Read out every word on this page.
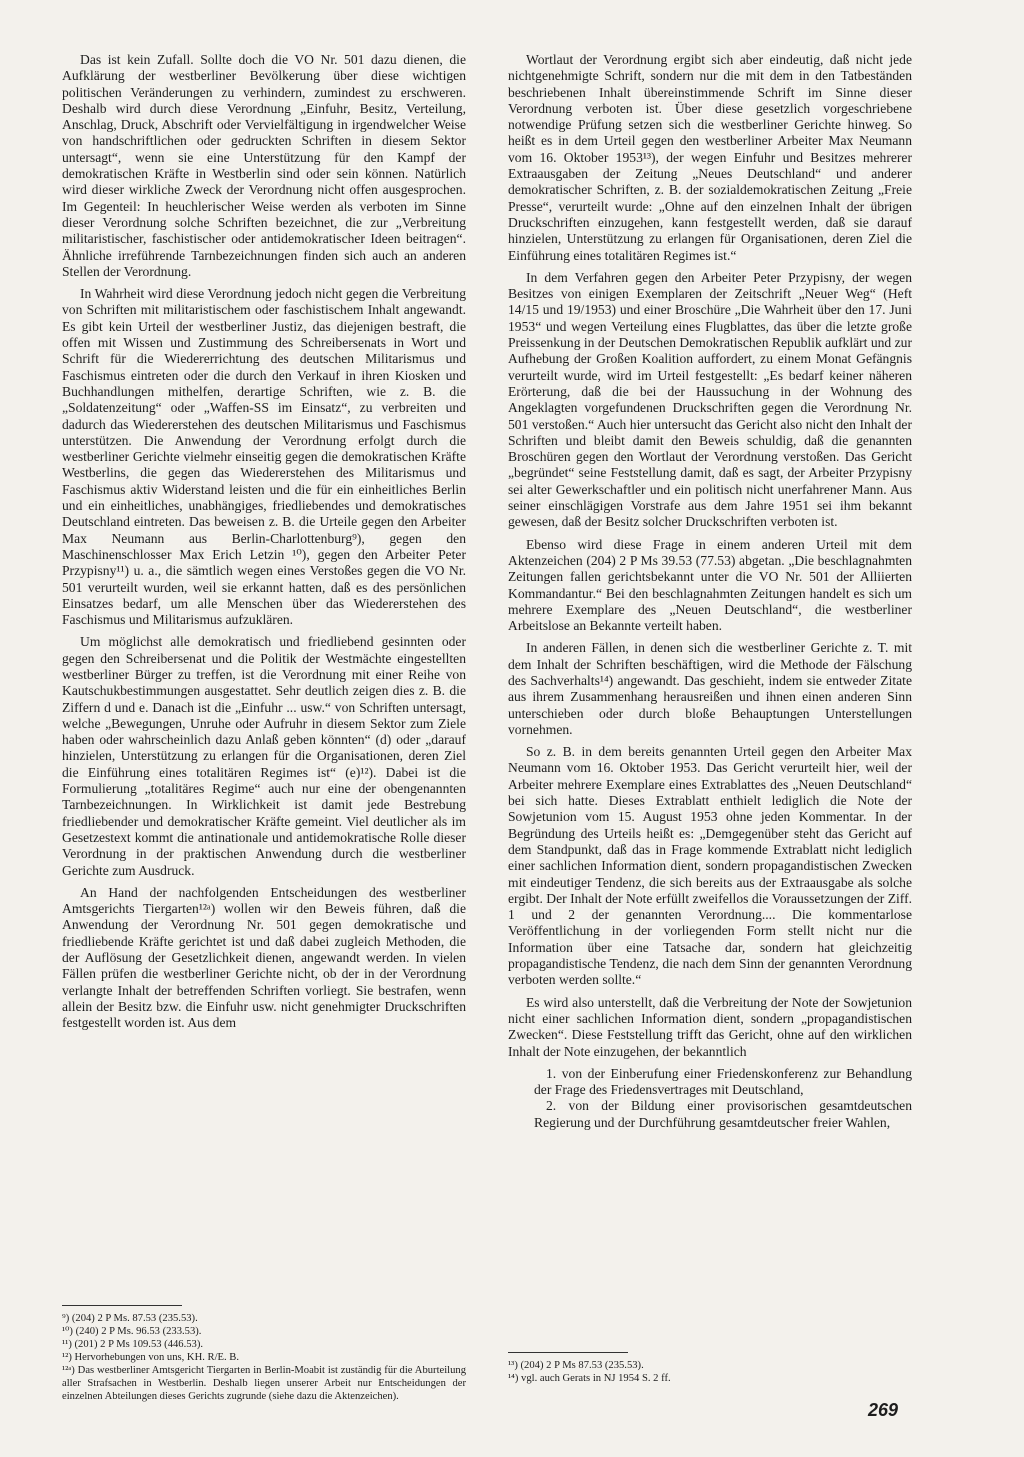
Das ist kein Zufall. Sollte doch die VO Nr. 501 dazu dienen, die Aufklärung der westberliner Bevölkerung über diese wichtigen politischen Veränderungen zu verhindern, zumindest zu erschweren. Deshalb wird durch diese Verordnung „Einfuhr, Besitz, Verteilung, Anschlag, Druck, Abschrift oder Vervielfältigung in irgendwelcher Weise von handschriftlichen oder gedruckten Schriften in diesem Sektor untersagt“, wenn sie eine Unterstützung für den Kampf der demokratischen Kräfte in Westberlin sind oder sein können. Natürlich wird dieser wirkliche Zweck der Verordnung nicht offen ausgesprochen. Im Gegenteil: In heuchlerischer Weise werden als verboten im Sinne dieser Verordnung solche Schriften bezeichnet, die zur „Verbreitung militaristischer, faschistischer oder antidemokratischer Ideen beitragen“. Ähnliche irreführende Tarnbezeichnungen finden sich auch an anderen Stellen der Verordnung.

In Wahrheit wird diese Verordnung jedoch nicht gegen die Verbreitung von Schriften mit militaristischem oder faschistischem Inhalt angewandt. Es gibt kein Urteil der westberliner Justiz, das diejenigen bestraft, die offen mit Wissen und Zustimmung des Schreibersenats in Wort und Schrift für die Wiedererrichtung des deutschen Militarismus und Faschismus eintreten oder die durch den Verkauf in ihren Kiosken und Buchhandlungen mithelfen, derartige Schriften, wie z. B. die „Soldatenzeitung“ oder „Waffen-SS im Einsatz“, zu verbreiten und dadurch das Wiedererstehen des deutschen Militarismus und Faschismus unterstützen. Die Anwendung der Verordnung erfolgt durch die westberliner Gerichte vielmehr einseitig gegen die demokratischen Kräfte Westberlins, die gegen das Wiedererstehen des Militarismus und Faschismus aktiv Widerstand leisten und die für ein einheitliches Berlin und ein einheitliches, unabhängiges, friedliebendes und demokratisches Deutschland eintreten. Das beweisen z. B. die Urteile gegen den Arbeiter Max Neumann aus Berlin-Charlottenburg⁹), gegen den Maschinenschlosser Max Erich Letzin ¹⁰), gegen den Arbeiter Peter Przypisny¹¹) u. a., die sämtlich wegen eines Verstoßes gegen die VO Nr. 501 verurteilt wurden, weil sie erkannt hatten, daß es des persönlichen Einsatzes bedarf, um alle Menschen über das Wiedererstehen des Faschismus und Militarismus aufzuklären.

Um möglichst alle demokratisch und friedliebend gesinnten oder gegen den Schreibersenat und die Politik der Westmächte eingestellten westberliner Bürger zu treffen, ist die Verordnung mit einer Reihe von Kautschukbestimmungen ausgestattet. Sehr deutlich zeigen dies z. B. die Ziffern d und e. Danach ist die „Einfuhr ... usw.“ von Schriften untersagt, welche „Bewegungen, Unruhe oder Aufruhr in diesem Sektor zum Ziele haben oder wahrscheinlich dazu Anlaß geben könnten“ (d) oder „darauf hinzielen, Unterstützung zu erlangen für die Organisationen, deren Ziel die Einführung eines totalitären Regimes ist“ (e)¹²). Dabei ist die Formulierung „totalitäres Regime“ auch nur eine der obengenannten Tarnbezeichnungen. In Wirklichkeit ist damit jede Bestrebung friedliebender und demokratischer Kräfte gemeint. Viel deutlicher als im Gesetzestext kommt die antinationale und antidemokratische Rolle dieser Verordnung in der praktischen Anwendung durch die westberliner Gerichte zum Ausdruck.

An Hand der nachfolgenden Entscheidungen des westberliner Amtsgerichts Tiergarten¹²ᵃ) wollen wir den Beweis führen, daß die Anwendung der Verordnung Nr. 501 gegen demokratische und friedliebende Kräfte gerichtet ist und daß dabei zugleich Methoden, die der Auflösung der Gesetzlichkeit dienen, angewandt werden. In vielen Fällen prüfen die westberliner Gerichte nicht, ob der in der Verordnung verlangte Inhalt der betreffenden Schriften vorliegt. Sie bestrafen, wenn allein der Besitz bzw. die Einfuhr usw. nicht genehmigter Druckschriften festgestellt worden ist. Aus dem

⁹) (204) 2 P Ms. 87.53 (235.53).

¹⁰) (240) 2 P Ms. 96.53 (233.53).

¹¹) (201) 2 P Ms 109.53 (446.53).

¹²) Hervorhebungen von uns, KH. R/E. B.

¹²ᵃ) Das westberliner Amtsgericht Tiergarten in Berlin-Moabit ist zuständig für die Aburteilung aller Strafsachen in Westberlin. Deshalb liegen unserer Arbeit nur Entscheidungen der einzelnen Abteilungen dieses Gerichts zugrunde (siehe dazu die Aktenzeichen).

Wortlaut der Verordnung ergibt sich aber eindeutig, daß nicht jede nichtgenehmigte Schrift, sondern nur die mit dem in den Tatbeständen beschriebenen Inhalt übereinstimmende Schrift im Sinne dieser Verordnung verboten ist. Über diese gesetzlich vorgeschriebene notwendige Prüfung setzen sich die westberliner Gerichte hinweg. So heißt es in dem Urteil gegen den westberliner Arbeiter Max Neumann vom 16. Oktober 1953¹³), der wegen Einfuhr und Besitzes mehrerer Extraausgaben der Zeitung „Neues Deutschland“ und anderer demokratischer Schriften, z. B. der sozialdemokratischen Zeitung „Freie Presse“, verurteilt wurde: „Ohne auf den einzelnen Inhalt der übrigen Druckschriften einzugehen, kann festgestellt werden, daß sie darauf hinzielen, Unterstützung zu erlangen für Organisationen, deren Ziel die Einführung eines totalitären Regimes ist.“

In dem Verfahren gegen den Arbeiter Peter Przypisny, der wegen Besitzes von einigen Exemplaren der Zeitschrift „Neuer Weg“ (Heft 14/15 und 19/1953) und einer Broschüre „Die Wahrheit über den 17. Juni 1953“ und wegen Verteilung eines Flugblattes, das über die letzte große Preissenkung in der Deutschen Demokratischen Republik aufklärt und zur Aufhebung der Großen Koalition auffordert, zu einem Monat Gefängnis verurteilt wurde, wird im Urteil festgestellt: „Es bedarf keiner näheren Erörterung, daß die bei der Haussuchung in der Wohnung des Angeklagten vorgefundenen Druckschriften gegen die Verordnung Nr. 501 verstoßen.“ Auch hier untersucht das Gericht also nicht den Inhalt der Schriften und bleibt damit den Beweis schuldig, daß die genannten Broschüren gegen den Wortlaut der Verordnung verstoßen. Das Gericht „begründet“ seine Feststellung damit, daß es sagt, der Arbeiter Przypisny sei alter Gewerkschaftler und ein politisch nicht unerfahrener Mann. Aus seiner einschlägigen Vorstrafe aus dem Jahre 1951 sei ihm bekannt gewesen, daß der Besitz solcher Druckschriften verboten ist.

Ebenso wird diese Frage in einem anderen Urteil mit dem Aktenzeichen (204) 2 P Ms 39.53 (77.53) abgetan. „Die beschlagnahmten Zeitungen fallen gerichtsbekannt unter die VO Nr. 501 der Alliierten Kommandantur.“ Bei den beschlagnahmten Zeitungen handelt es sich um mehrere Exemplare des „Neuen Deutschland“, die westberliner Arbeitslose an Bekannte verteilt haben.

In anderen Fällen, in denen sich die westberliner Gerichte z. T. mit dem Inhalt der Schriften beschäftigen, wird die Methode der Fälschung des Sachverhalts¹⁴) angewandt. Das geschieht, indem sie entweder Zitate aus ihrem Zusammenhang herausreißen und ihnen einen anderen Sinn unterschieben oder durch bloße Behauptungen Unterstellungen vornehmen.

So z. B. in dem bereits genannten Urteil gegen den Arbeiter Max Neumann vom 16. Oktober 1953. Das Gericht verurteilt hier, weil der Arbeiter mehrere Exemplare eines Extrablattes des „Neuen Deutschland“ bei sich hatte. Dieses Extrablatt enthielt lediglich die Note der Sowjetunion vom 15. August 1953 ohne jeden Kommentar. In der Begründung des Urteils heißt es: „Demgegenüber steht das Gericht auf dem Standpunkt, daß das in Frage kommende Extrablatt nicht lediglich einer sachlichen Information dient, sondern propagandistischen Zwecken mit eindeutiger Tendenz, die sich bereits aus der Extraausgabe als solche ergibt. Der Inhalt der Note erfüllt zweifellos die Voraussetzungen der Ziff. 1 und 2 der genannten Verordnung.... Die kommentarlose Veröffentlichung in der vorliegenden Form stellt nicht nur die Information über eine Tatsache dar, sondern hat gleichzeitig propagandistische Tendenz, die nach dem Sinn der genannten Verordnung verboten werden sollte.“

Es wird also unterstellt, daß die Verbreitung der Note der Sowjetunion nicht einer sachlichen Information dient, sondern „propagandistischen Zwecken“. Diese Feststellung trifft das Gericht, ohne auf den wirklichen Inhalt der Note einzugehen, der bekanntlich

1. von der Einberufung einer Friedenskonferenz zur Behandlung der Frage des Friedensvertrages mit Deutschland,

2. von der Bildung einer provisorischen gesamtdeutschen Regierung und der Durchführung gesamtdeutscher freier Wahlen,

¹³) (204) 2 P Ms 87.53 (235.53).

¹⁴) vgl. auch Gerats in NJ 1954 S. 2 ff.

269
